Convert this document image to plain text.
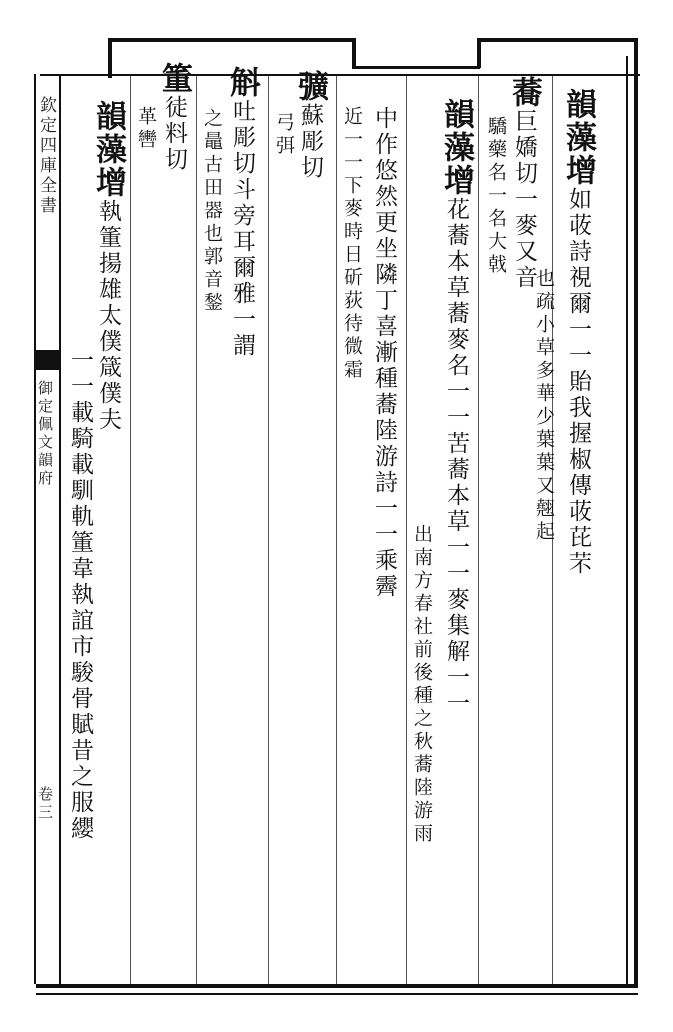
韻藻增如荍詩視爾一一貽我握椒傳荍芘芣
也疏小草多華少葉葉又翹起
蕎巨嬌切一麥又音
驕藥名一名大戟
韻藻增花蕎本草蕎麥名一一苦蕎本草一一麥集解一一
出南方春社前後種之秋蕎陸游雨
中作悠然更坐隣丁喜漸種蕎陸游詩一一乘霽
近一一下麥時日斫荻待微霜
彍蘇彫切
弓弭
斛吐彫切斗旁耳爾雅一謂
之鼂古田器也郭音鍫
箽徒料切
革轡
韻藻增執箽揚雄太僕箴僕夫
一一載騎載馴軌箽韋執誼市駿骨賦昔之服纓
欽定四庫全書
御定佩文韻府
卷三
